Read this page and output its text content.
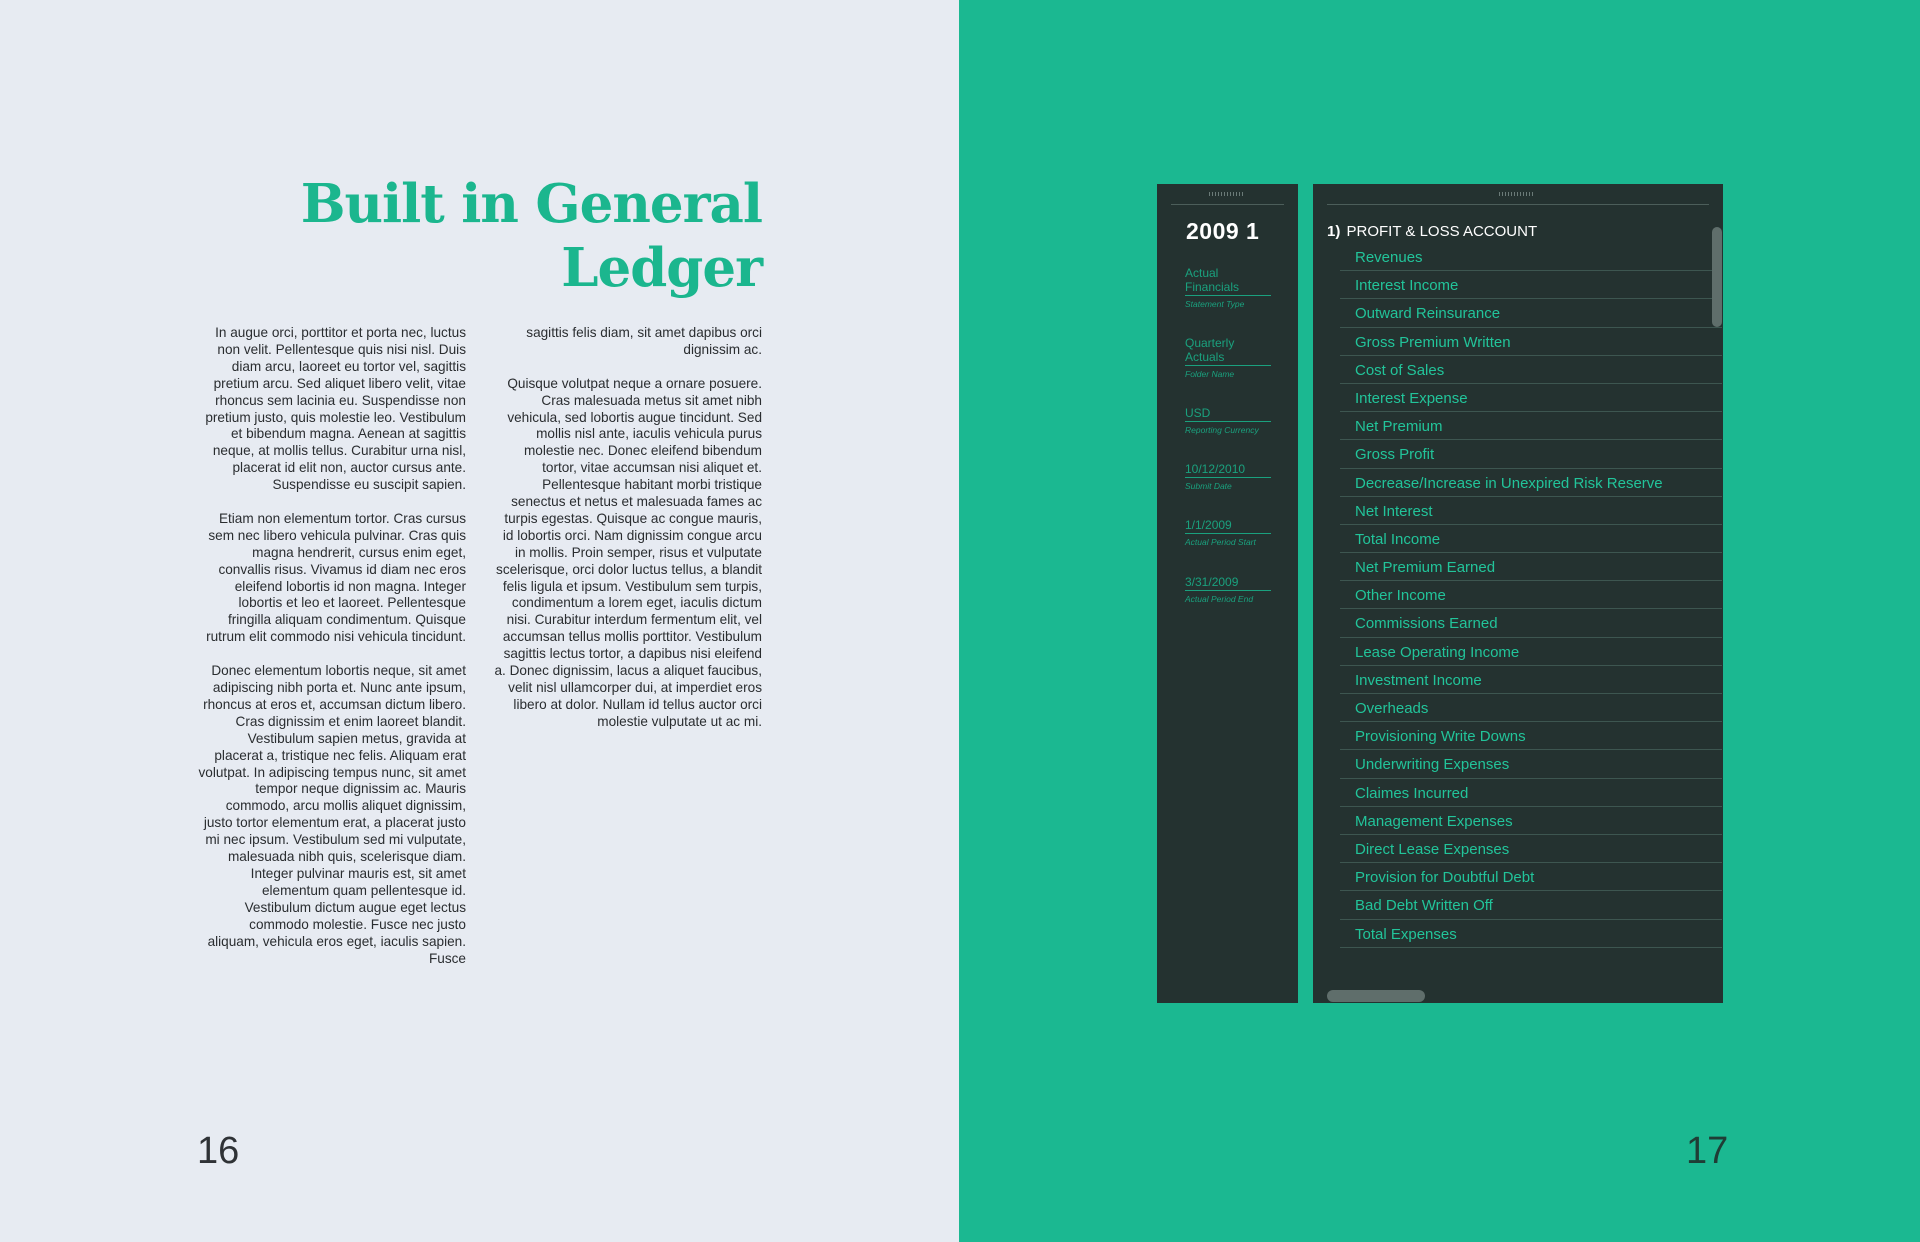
Built in General
Ledger

In augue orci, porttitor et porta nec, luctus non velit. Pellentesque quis nisi nisl. Duis diam arcu, laoreet eu tortor vel, sagittis pretium arcu. Sed aliquet libero velit, vitae rhoncus sem lacinia eu. Suspendisse non pretium justo, quis molestie leo. Vestibulum et bibendum magna. Aenean at sagittis neque, at mollis tellus. Curabitur urna nisl, placerat id elit non, auctor cursus ante. Suspendisse eu suscipit sapien.

Etiam non elementum tortor. Cras cursus sem nec libero vehicula pulvinar. Cras quis magna hendrerit, cursus enim eget, convallis risus. Vivamus id diam nec eros eleifend lobortis id non magna. Integer lobortis et leo et laoreet. Pellentesque fringilla aliquam condimentum. Quisque rutrum elit commodo nisi vehicula tincidunt.

Donec elementum lobortis neque, sit amet adipiscing nibh porta et. Nunc ante ipsum, rhoncus at eros et, accumsan dictum libero. Cras dignissim et enim laoreet blandit. Vestibulum sapien metus, gravida at placerat a, tristique nec felis. Aliquam erat volutpat. In adipiscing tempus nunc, sit amet tempor neque dignissim ac. Mauris commodo, arcu mollis aliquet dignissim, justo tortor elementum erat, a placerat justo mi nec ipsum. Vestibulum sed mi vulputate, malesuada nibh quis, scelerisque diam. Integer pulvinar mauris est, sit amet elementum quam pellentesque id. Vestibulum dictum augue eget lectus commodo molestie. Fusce nec justo aliquam, vehicula eros eget, iaculis sapien. Fusce

sagittis felis diam, sit amet dapibus orci dignissim ac.

Quisque volutpat neque a ornare posuere. Cras malesuada metus sit amet nibh vehicula, sed lobortis augue tincidunt. Sed mollis nisl ante, iaculis vehicula purus molestie nec. Donec eleifend bibendum tortor, vitae accumsan nisi aliquet et. Pellentesque habitant morbi tristique senectus et netus et malesuada fames ac turpis egestas. Quisque ac congue mauris, id lobortis orci. Nam dignissim congue arcu in mollis. Proin semper, risus et vulputate scelerisque, orci dolor luctus tellus, a blandit felis ligula et ipsum. Vestibulum sem turpis, condimentum a lorem eget, iaculis dictum nisi. Curabitur interdum fermentum elit, vel accumsan tellus mollis porttitor. Vestibulum sagittis lectus tortor, a dapibus nisi eleifend a. Donec dignissim, lacus a aliquet faucibus, velit nisl ullamcorper dui, at imperdiet eros libero at dolor. Nullam id tellus auctor orci molestie vulputate ut ac mi.

16	17
2009 1
Actual Financials
Statement Type
Quarterly Actuals
Folder Name
USD
Reporting Currency
10/12/2010
Submit Date
1/1/2009
Actual Period Start
3/31/2009
Actual Period End
1) PROFIT & LOSS ACCOUNT
Revenues
Interest Income
Outward Reinsurance
Gross Premium Written
Cost of Sales
Interest Expense
Net Premium
Gross Profit
Decrease/Increase in Unexpired Risk Reserve
Net Interest
Total Income
Net Premium Earned
Other Income
Commissions Earned
Lease Operating Income
Investment Income
Overheads
Provisioning Write Downs
Underwriting Expenses
Claimes Incurred
Management Expenses
Direct Lease Expenses
Provision for Doubtful Debt
Bad Debt Written Off
Total Expenses
